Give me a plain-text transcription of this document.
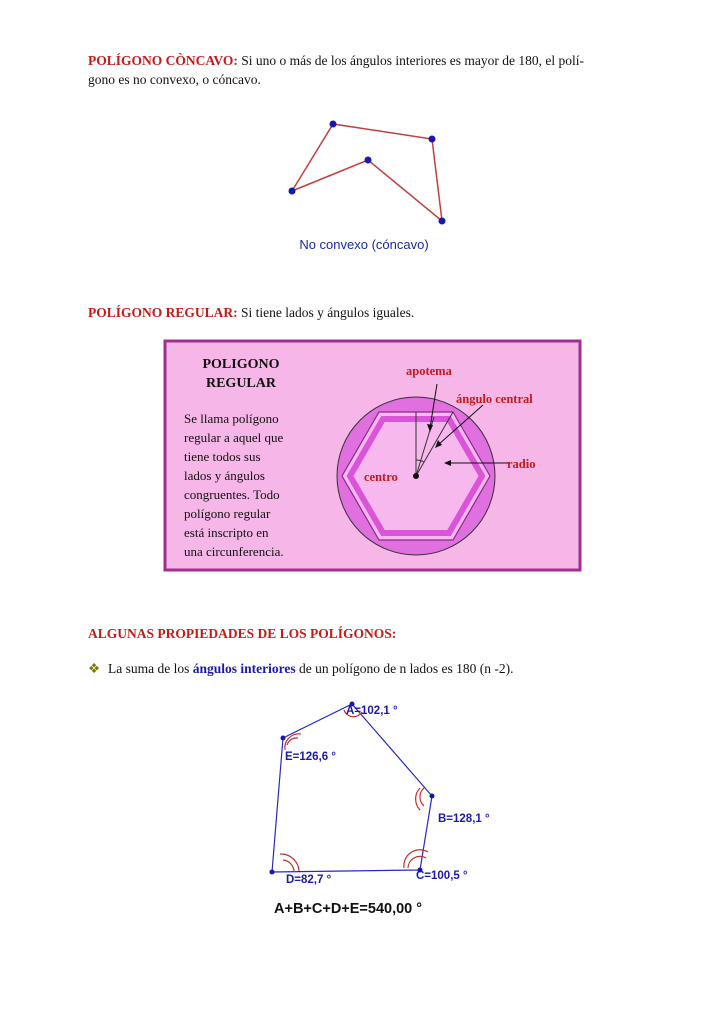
POLÍGONO CÒNCAVO: Si uno o más de los ángulos interiores es mayor de 180, el polí-
gono es no convexo, o cóncavo.
No convexo (cóncavo)
POLIGONO
REGULAR
Se llama polígono
regular a aquel que
tiene todos sus
lados y ángulos
congruentes. Todo
polígono regular
está inscripto en
una circunferencia.
apotema
ángulo central
radio
centro
A=102,1 °
B=128,1 °
C=100,5 °
D=82,7 °
E=126,6 °
A+B+C+D+E=540,00 °
POLÍGONO REGULAR: Si tiene lados y ángulos iguales.
ALGUNAS PROPIEDADES DE LOS POLÍGONOS:
❖ La suma de los ángulos interiores de un polígono de n lados es 180 (n -2).
